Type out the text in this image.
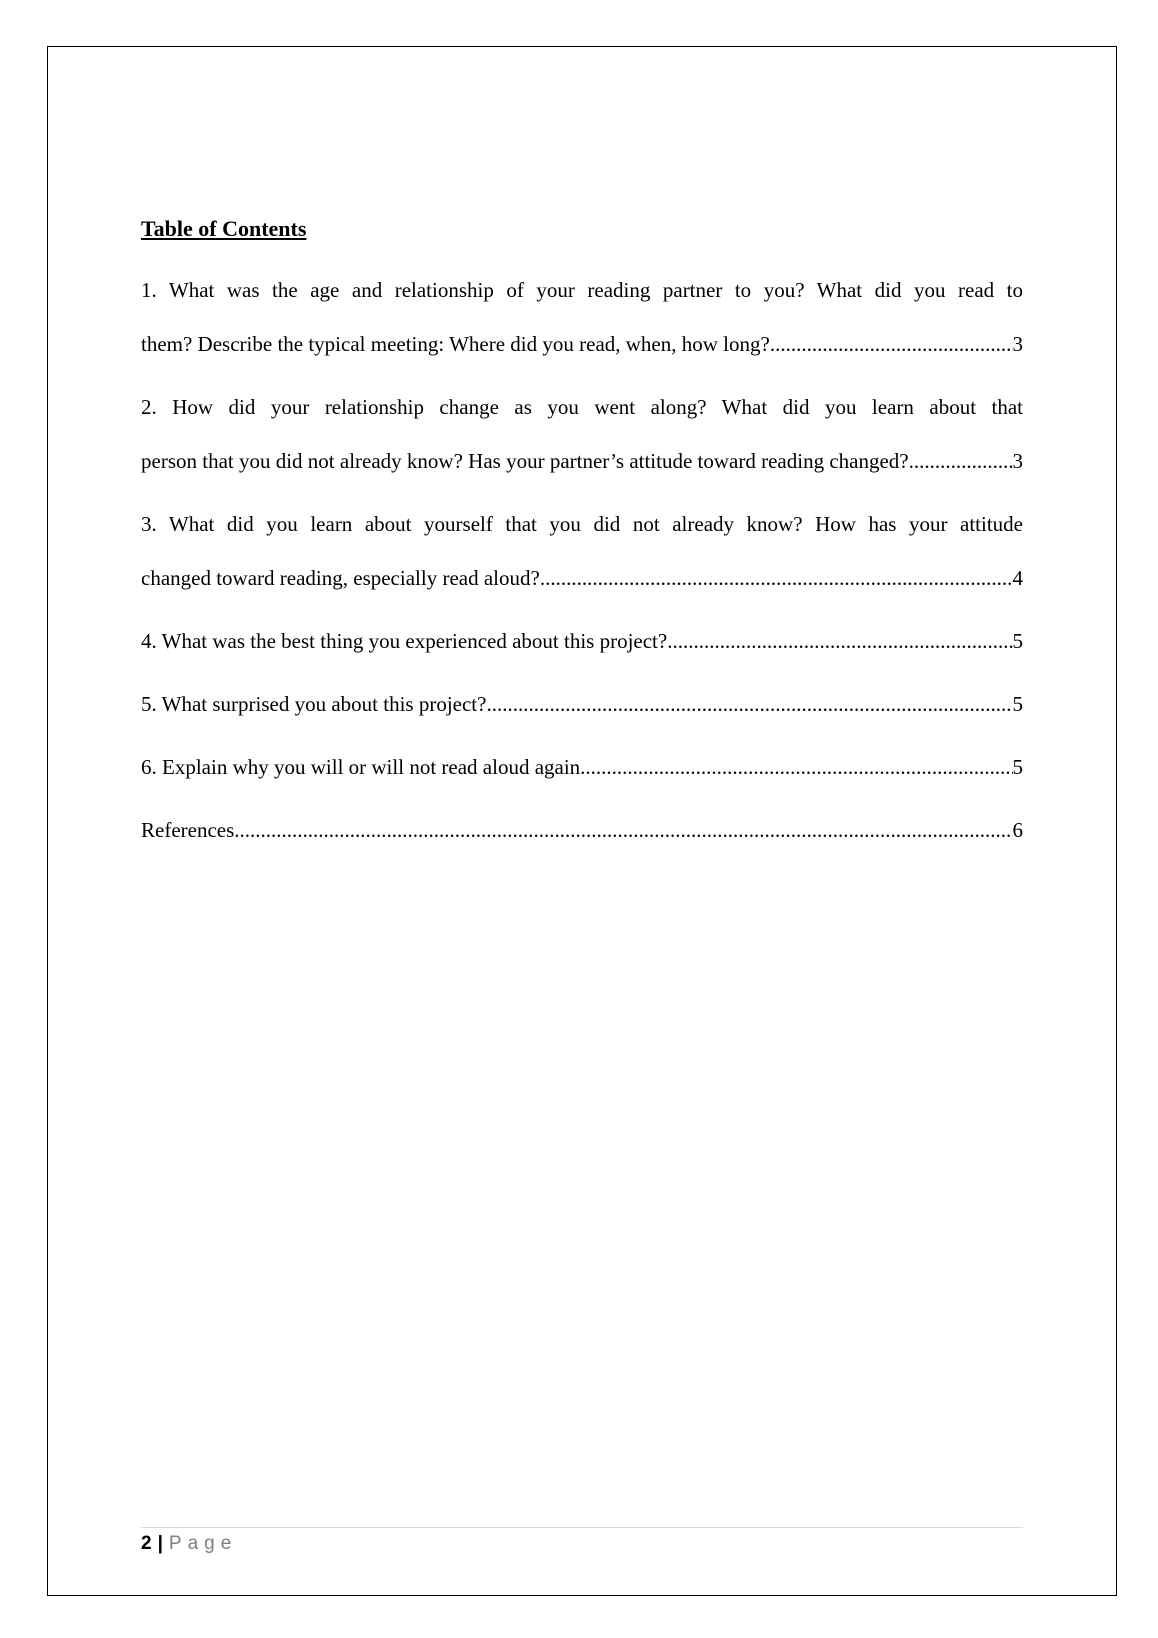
Table of Contents
1. What was the age and relationship of your reading partner to you? What did you read to
them? Describe the typical meeting: Where did you read, when, how long? .....	3
2. How did your relationship change as you went along? What did you learn about that
person that you did not already know? Has your partner’s attitude toward reading changed? .....	3
3. What did you learn about yourself that you did not already know? How has your attitude
changed toward reading, especially read aloud? .....	4
4. What was the best thing you experienced about this project? .....	5
5. What surprised you about this project? .....	5
6. Explain why you will or will not read aloud again. .....	5
References .....	6
2 | Page
